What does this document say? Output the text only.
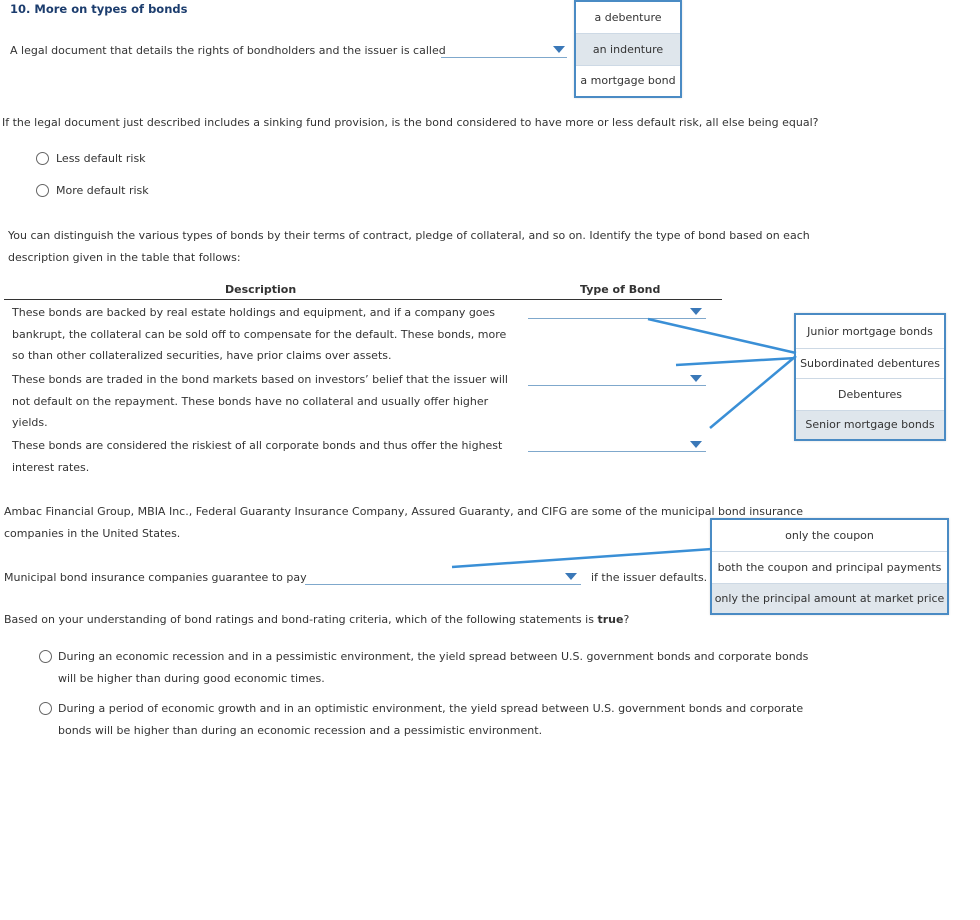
10. More on types of bonds
A legal document that details the rights of bondholders and the issuer is called
a debenture
an indenture
a mortgage bond
If the legal document just described includes a sinking fund provision, is the bond considered to have more or less default risk, all else being equal?
Less default risk
More default risk
You can distinguish the various types of bonds by their terms of contract, pledge of collateral, and so on. Identify the type of bond based on each
description given in the table that follows:
Description	Type of Bond
These bonds are backed by real estate holdings and equipment, and if a company goes
bankrupt, the collateral can be sold off to compensate for the default. These bonds, more
so than other collateralized securities, have prior claims over assets.
These bonds are traded in the bond markets based on investors’ belief that the issuer will
not default on the repayment. These bonds have no collateral and usually offer higher
yields.
These bonds are considered the riskiest of all corporate bonds and thus offer the highest
interest rates.
Junior mortgage bonds
Subordinated debentures
Debentures
Senior mortgage bonds
Ambac Financial Group, MBIA Inc., Federal Guaranty Insurance Company, Assured Guaranty, and CIFG are some of the municipal bond insurance
companies in the United States.
Municipal bond insurance companies guarantee to pay	if the issuer defaults.
only the coupon
both the coupon and principal payments
only the principal amount at market price
Based on your understanding of bond ratings and bond-rating criteria, which of the following statements is true?
During an economic recession and in a pessimistic environment, the yield spread between U.S. government bonds and corporate bonds
will be higher than during good economic times.
During a period of economic growth and in an optimistic environment, the yield spread between U.S. government bonds and corporate
bonds will be higher than during an economic recession and a pessimistic environment.
